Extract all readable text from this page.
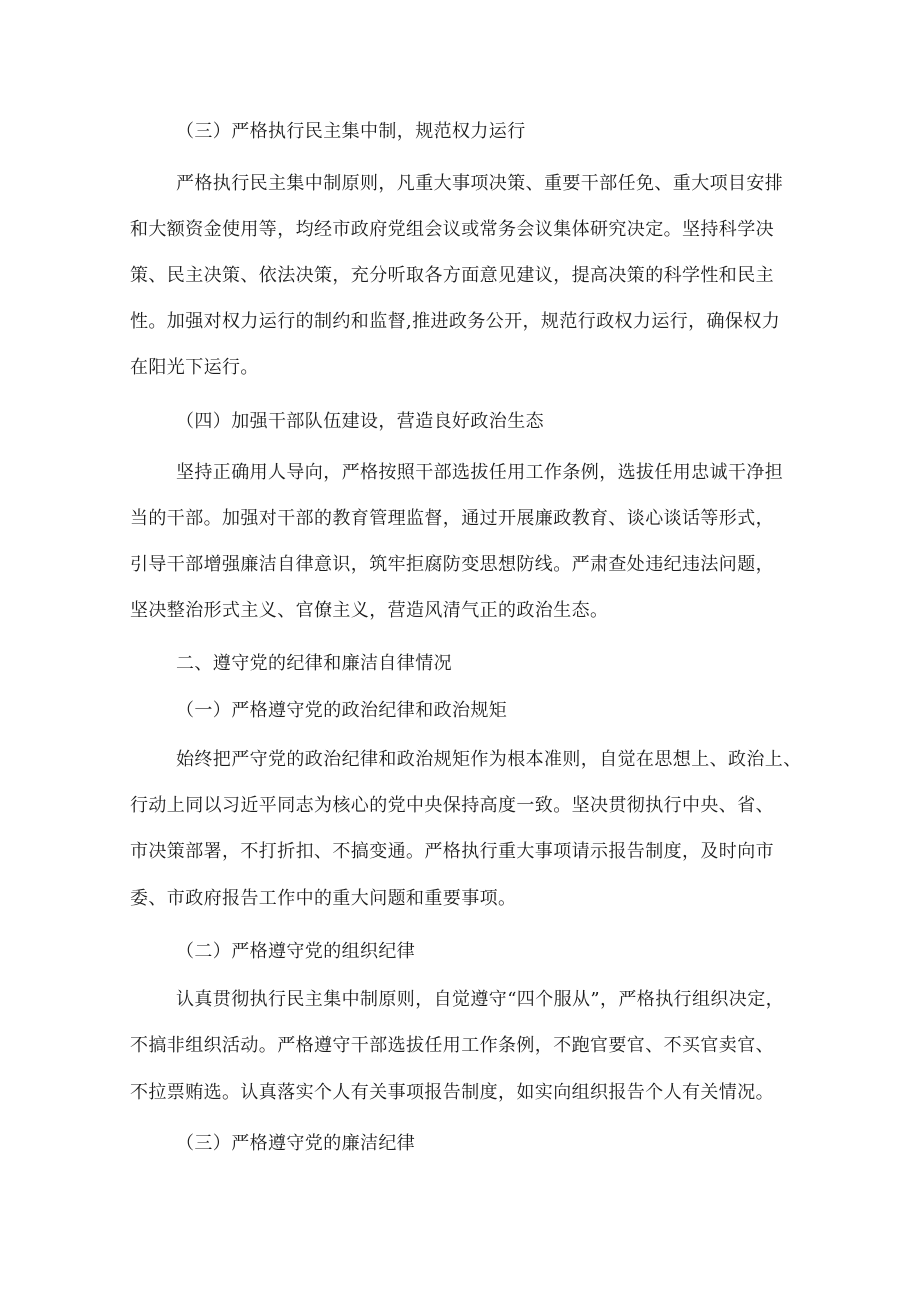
（三）严格执行民主集中制，规范权力运行
严格执行民主集中制原则，凡重大事项决策、重要干部任免、重大项目安排
和大额资金使用等，均经市政府党组会议或常务会议集体研究决定。坚持科学决
策、民主决策、依法决策，充分听取各方面意见建议，提高决策的科学性和民主
性。加强对权力运行的制约和监督,推进政务公开，规范行政权力运行，确保权力
在阳光下运行。
（四）加强干部队伍建设，营造良好政治生态
坚持正确用人导向，严格按照干部选拔任用工作条例，选拔任用忠诚干净担
当的干部。加强对干部的教育管理监督，通过开展廉政教育、谈心谈话等形式，
引导干部增强廉洁自律意识，筑牢拒腐防变思想防线。严肃查处违纪违法问题，
坚决整治形式主义、官僚主义，营造风清气正的政治生态。
二、遵守党的纪律和廉洁自律情况
（一）严格遵守党的政治纪律和政治规矩
始终把严守党的政治纪律和政治规矩作为根本准则，自觉在思想上、政治上、
行动上同以习近平同志为核心的党中央保持高度一致。坚决贯彻执行中央、省、
市决策部署，不打折扣、不搞变通。严格执行重大事项请示报告制度，及时向市
委、市政府报告工作中的重大问题和重要事项。
（二）严格遵守党的组织纪律
认真贯彻执行民主集中制原则，自觉遵守“四个服从”，严格执行组织决定，
不搞非组织活动。严格遵守干部选拔任用工作条例，不跑官要官、不买官卖官、
不拉票贿选。认真落实个人有关事项报告制度，如实向组织报告个人有关情况。
（三）严格遵守党的廉洁纪律
